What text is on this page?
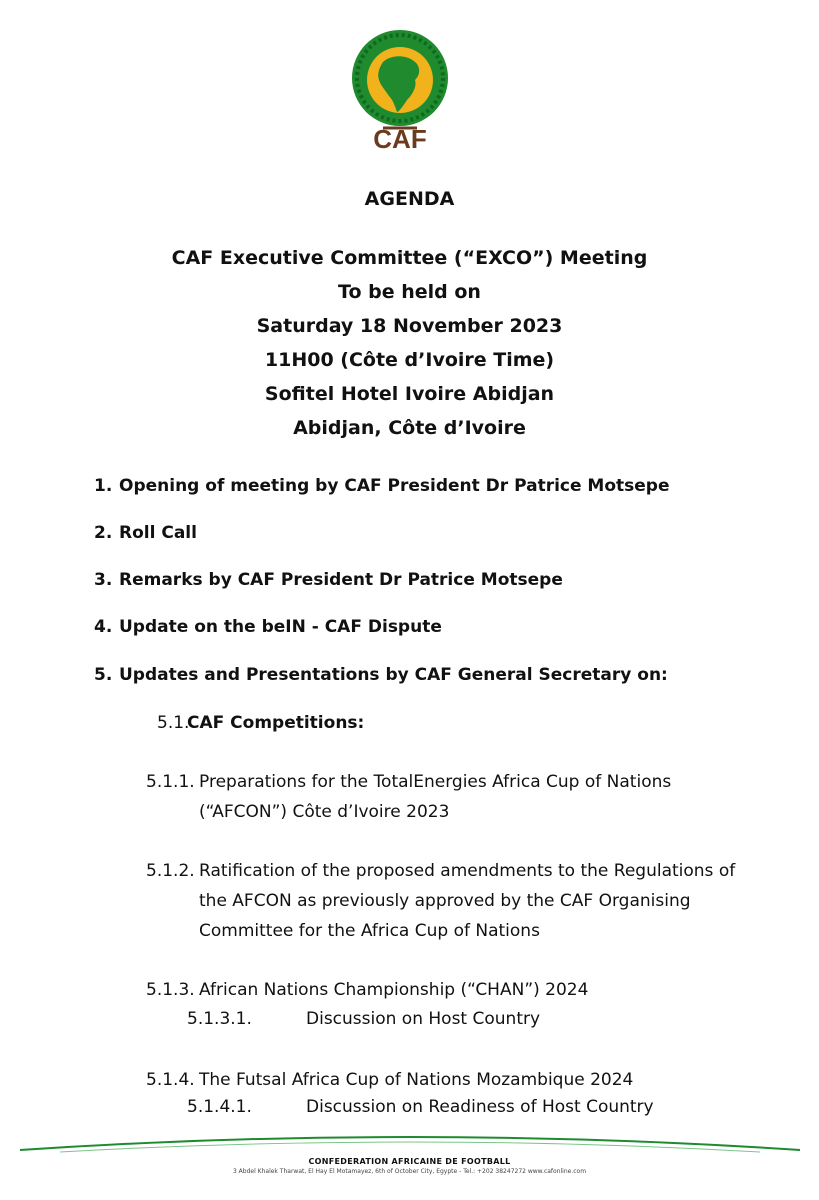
CAF
AGENDA
CAF Executive Committee (“EXCO”) Meeting
To be held on
Saturday 18 November 2023
11H00 (Côte d’Ivoire Time)
Sofitel Hotel Ivoire Abidjan
Abidjan, Côte d’Ivoire
1. Opening of meeting by CAF President Dr Patrice Motsepe
2. Roll Call
3. Remarks by CAF President Dr Patrice Motsepe
4. Update on the beIN - CAF Dispute
5. Updates and Presentations by CAF General Secretary on:
5.1.CAF Competitions:
5.1.1. Preparations for the TotalEnergies Africa Cup of Nations (“AFCON”) Côte d’Ivoire 2023
5.1.2. Ratification of the proposed amendments to the Regulations of the AFCON as previously approved by the CAF Organising Committee for the Africa Cup of Nations
5.1.3. African Nations Championship (“CHAN”) 2024
5.1.3.1.	Discussion on Host Country
5.1.4. The Futsal Africa Cup of Nations Mozambique 2024
5.1.4.1.	Discussion on Readiness of Host Country
CONFEDERATION AFRICAINE DE FOOTBALL
3 Abdel Khalek Tharwat, El Hay El Motamayez, 6th of October City, Egypte - Tel.: +202 38247272 www.cafonline.com
